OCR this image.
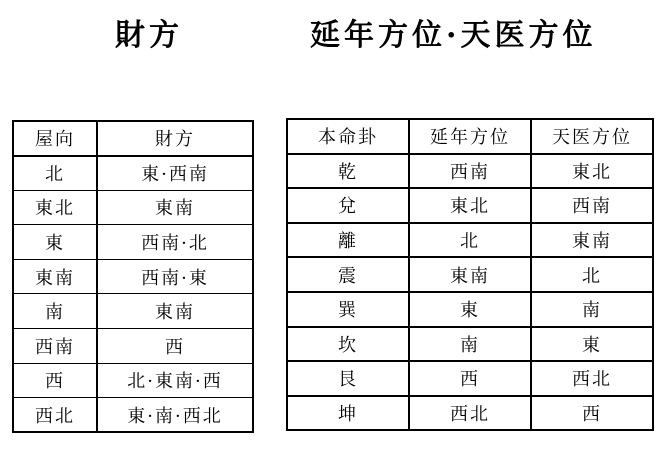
財方	延年方位·天医方位
屋向	財方
北	東·西南
東北	東南
東	西南·北
東南	西南·東
南	東南
西南	西
西	北·東南·西
西北	東·南·西北
本命卦	延年方位	天医方位
乾	西南	東北
兌	東北	西南
離	北	東南
震	東南	北
巽	東	南
坎	南	東
艮	西	西北
坤	西北	西
